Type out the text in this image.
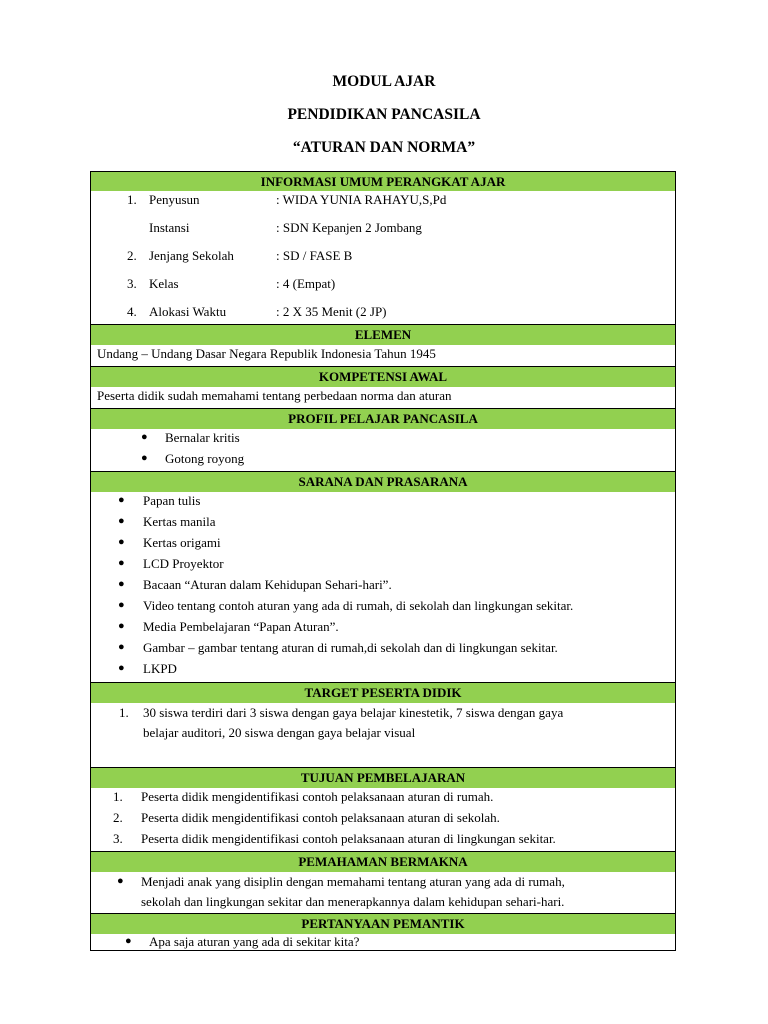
MODUL AJAR

PENDIDIKAN PANCASILA

“ATURAN DAN NORMA”

INFORMASI UMUM PERANGKAT AJAR
1. Penyusun	: WIDA YUNIA RAHAYU,S,Pd
Instansi	: SDN Kepanjen 2 Jombang
2. Jenjang Sekolah	: SD / FASE B
3. Kelas	: 4 (Empat)
4. Alokasi Waktu	: 2 X 35 Menit (2 JP)
ELEMEN
Undang – Undang Dasar Negara Republik Indonesia Tahun 1945
KOMPETENSI AWAL
Peserta didik sudah memahami tentang perbedaan norma dan aturan
PROFIL PELAJAR PANCASILA
● Bernalar kritis
● Gotong royong
SARANA DAN PRASARANA
● Papan tulis
● Kertas manila
● Kertas origami
● LCD Proyektor
● Bacaan “Aturan dalam Kehidupan Sehari-hari”.
● Video tentang contoh aturan yang ada di rumah, di sekolah dan lingkungan sekitar.
● Media Pembelajaran “Papan Aturan”.
● Gambar – gambar tentang aturan di rumah,di sekolah dan di lingkungan sekitar.
● LKPD
TARGET PESERTA DIDIK
1. 30 siswa terdiri dari 3 siswa dengan gaya belajar kinestetik, 7 siswa dengan gaya
belajar auditori, 20 siswa dengan gaya belajar visual
TUJUAN PEMBELAJARAN
1. Peserta didik mengidentifikasi contoh pelaksanaan aturan di rumah.
2. Peserta didik mengidentifikasi contoh pelaksanaan aturan di sekolah.
3. Peserta didik mengidentifikasi contoh pelaksanaan aturan di lingkungan sekitar.
PEMAHAMAN BERMAKNA
● Menjadi anak yang disiplin dengan memahami tentang aturan yang ada di rumah,
sekolah dan lingkungan sekitar dan menerapkannya dalam kehidupan sehari-hari.
PERTANYAAN PEMANTIK
● Apa saja aturan yang ada di sekitar kita?
